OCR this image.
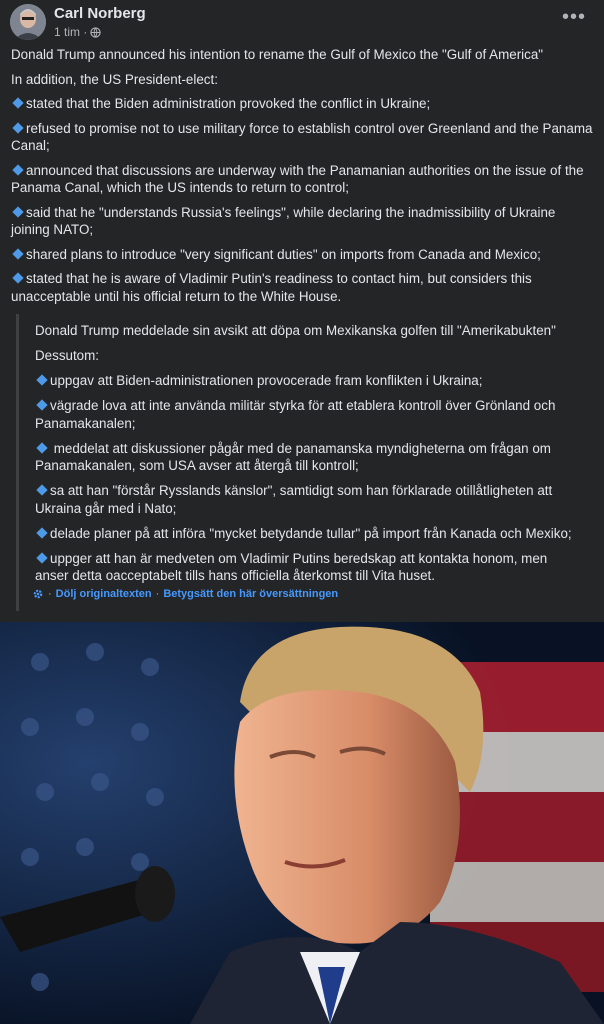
Carl Norberg
1 tim ·
•••

Donald Trump announced his intention to rename the Gulf of Mexico the "Gulf of America"

In addition, the US President-elect:

stated that the Biden administration provoked the conflict in Ukraine;

refused to promise not to use military force to establish control over Greenland and the Panama Canal;

announced that discussions are underway with the Panamanian authorities on the issue of the Panama Canal, which the US intends to return to control;

said that he "understands Russia's feelings", while declaring the inadmissibility of Ukraine joining NATO;

shared plans to introduce "very significant duties" on imports from Canada and Mexico;

stated that he is aware of Vladimir Putin's readiness to contact him, but considers this unacceptable until his official return to the White House.

Donald Trump meddelade sin avsikt att döpa om Mexikanska golfen till "Amerikabukten"

Dessutom:

uppgav att Biden-administrationen provocerade fram konflikten i Ukraina;

vägrade lova att inte använda militär styrka för att etablera kontroll över Grönland och Panamakanalen;

meddelat att diskussioner pågår med de panamanska myndigheterna om frågan om Panamakanalen, som USA avser att återgå till kontroll;

sa att han "förstår Rysslands känslor", samtidigt som han förklarade otillåtligheten att Ukraina går med i Nato;

delade planer på att införa "mycket betydande tullar" på import från Kanada och Mexiko;

uppger att han är medveten om Vladimir Putins beredskap att kontakta honom, men anser detta oacceptabelt tills hans officiella återkomst till Vita huset.

· Dölj originaltexten · Betygsätt den här översättningen
